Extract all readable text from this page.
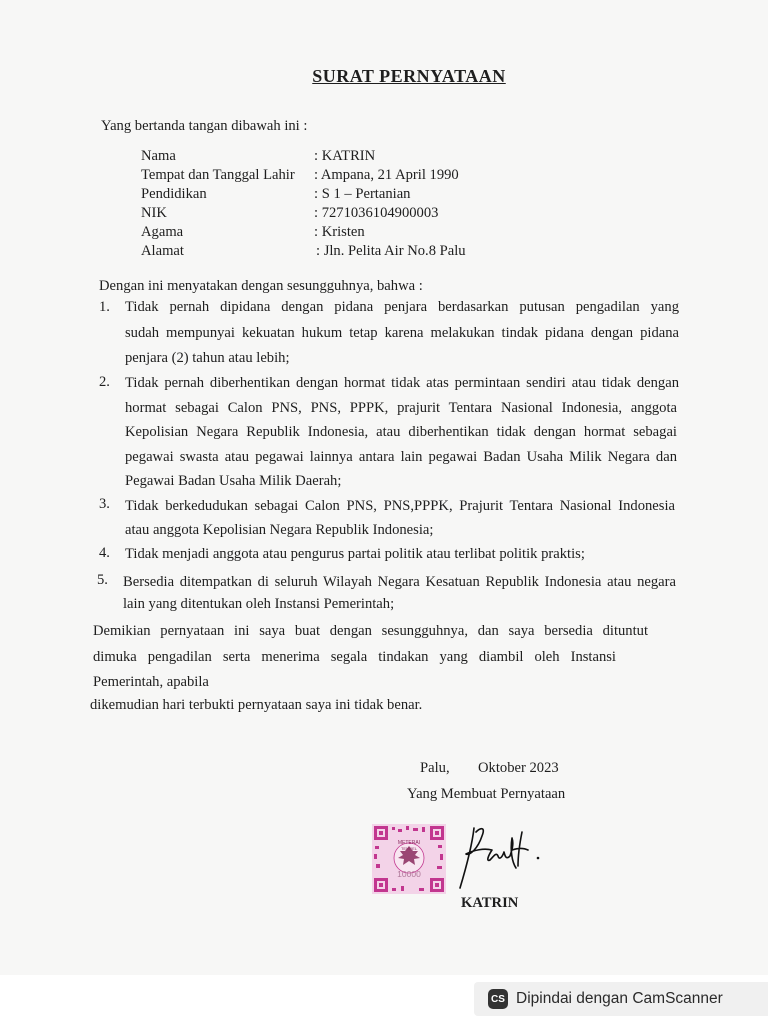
SURAT PERNYATAAN
Yang bertanda tangan dibawah ini :
Nama	: KATRIN
Tempat dan Tanggal Lahir : Ampana, 21 April 1990
Pendidikan	: S 1 – Pertanian
NIK	: 7271036104900003
Agama	: Kristen
Alamat	: Jln. Pelita Air No.8 Palu
Dengan ini menyatakan dengan sesungguhnya, bahwa :
1. Tidak pernah dipidana dengan pidana penjara berdasarkan putusan pengadilan yang
sudah mempunyai kekuatan hukum tetap karena melakukan tindak pidana dengan pidana
penjara (2) tahun atau lebih;
2. Tidak pernah diberhentikan dengan hormat tidak atas permintaan sendiri atau tidak dengan
hormat sebagai Calon PNS, PNS, PPPK, prajurit Tentara Nasional Indonesia, anggota
Kepolisian Negara Republik Indonesia, atau diberhentikan tidak dengan hormat sebagai
pegawai swasta atau pegawai lainnya antara lain pegawai Badan Usaha Milik Negara dan
Pegawai Badan Usaha Milik Daerah;
3. Tidak berkedudukan sebagai Calon PNS, PNS,PPPK, Prajurit Tentara Nasional Indonesia
atau anggota Kepolisian Negara Republik Indonesia;
4. Tidak menjadi anggota atau pengurus partai politik atau terlibat politik praktis;
5. Bersedia ditempatkan di seluruh Wilayah Negara Kesatuan Republik Indonesia atau negara
lain yang ditentukan oleh Instansi Pemerintah;
Demikian pernyataan ini saya buat dengan sesungguhnya, dan saya bersedia dituntut
dimuka pengadilan serta menerima segala tindakan yang diambil oleh Instansi
Pemerintah, apabila
dikemudian hari terbukti pernyataan saya ini tidak benar.
Palu, Oktober 2023
Yang Membuat Pernyataan
METERAI
TEMPEL
10000
KATRIN
CS Dipindai dengan CamScanner
